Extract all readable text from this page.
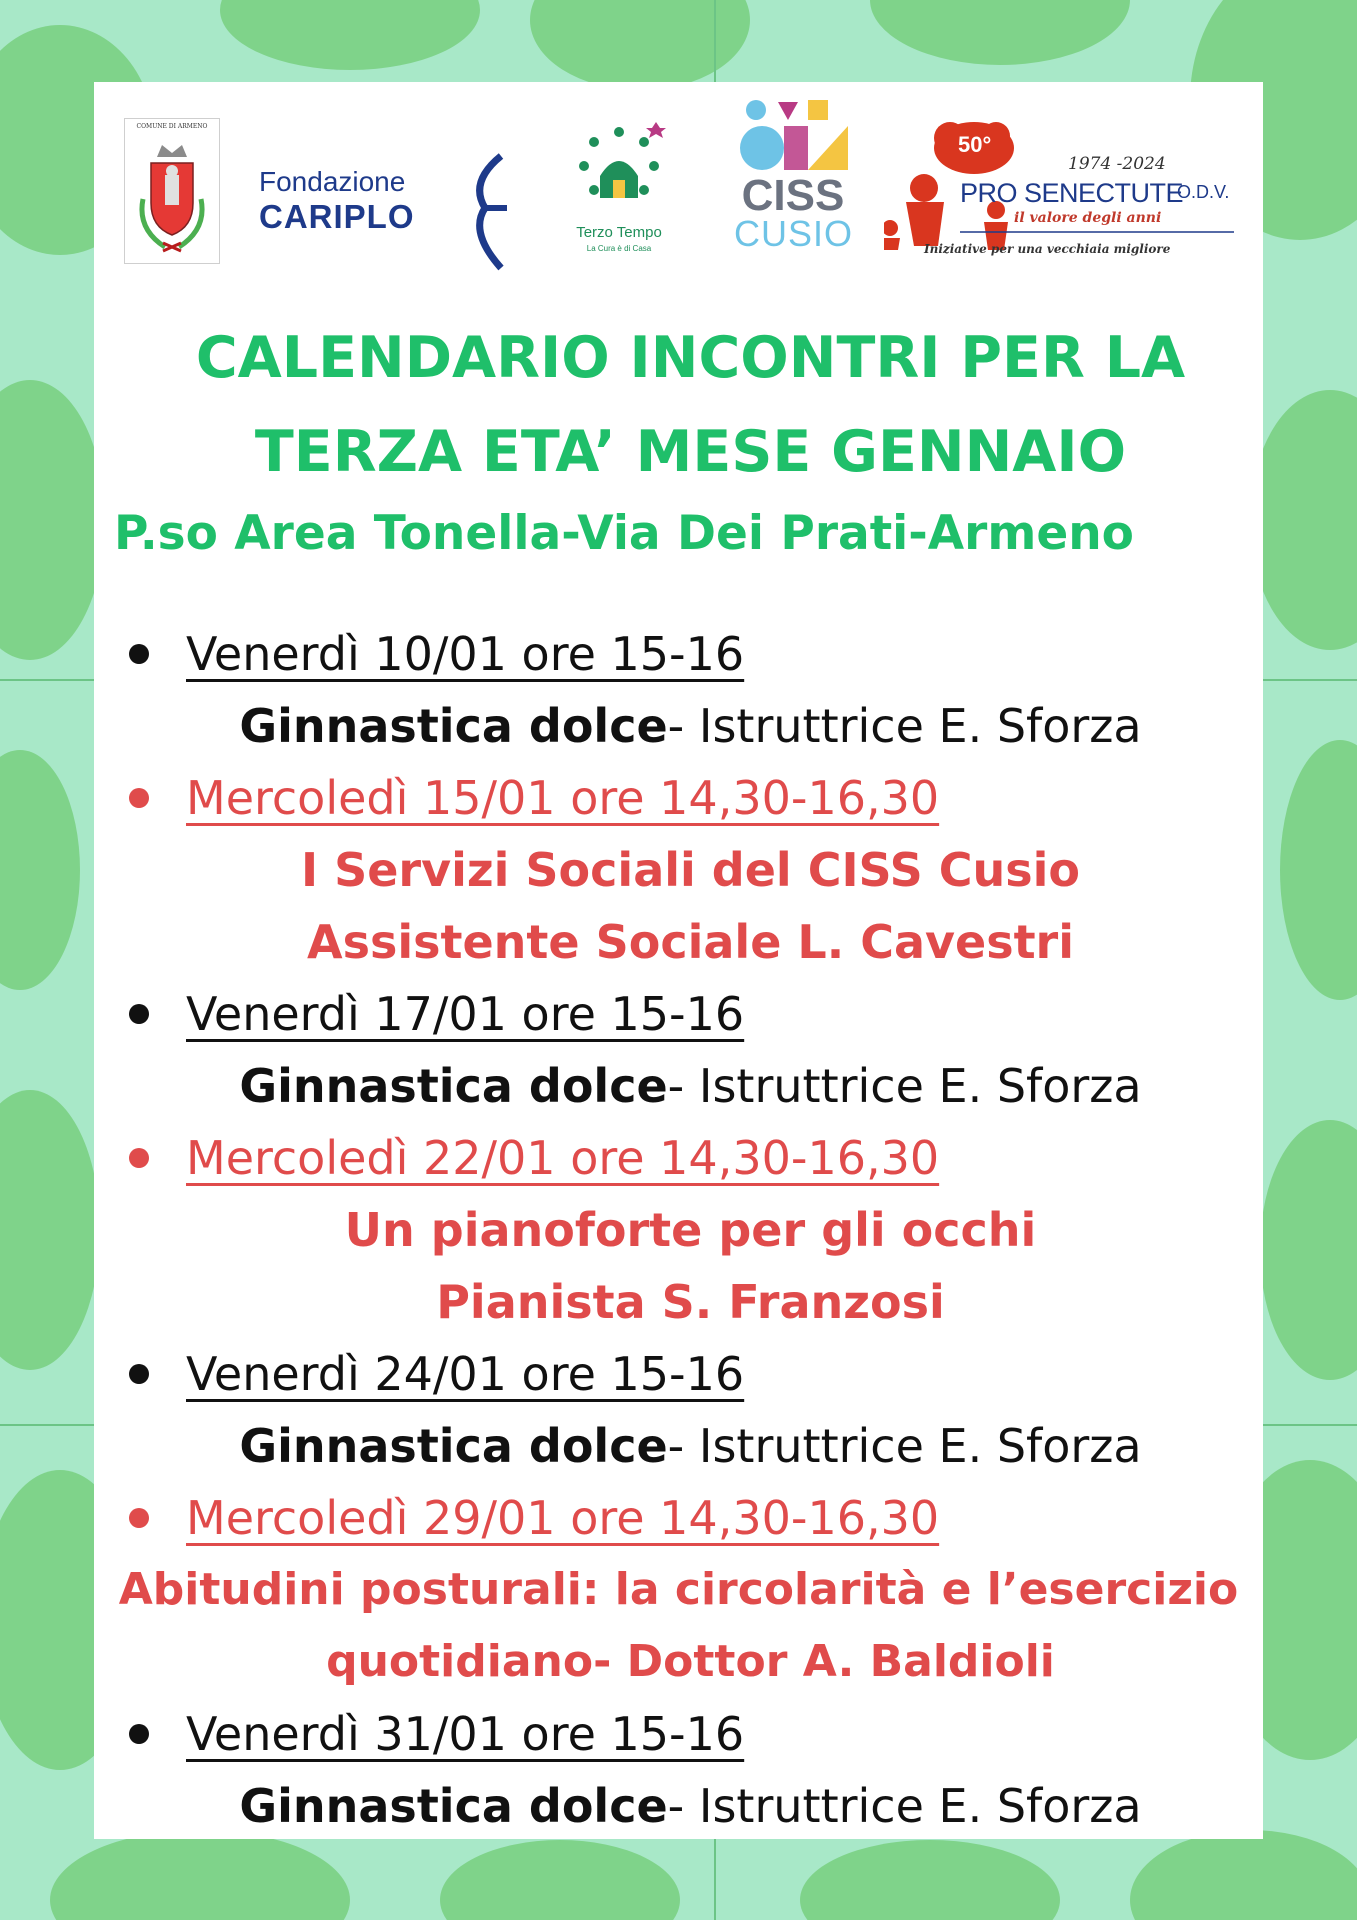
COMUNE DI ARMENO
Fondazione
CARIPLO	Terzo Tempo
La Cura è di Casa
CISS
CUSIO
50°
1974 -2024
PRO SENECTUTE
O.D.V.
il valore degli anni
Iniziative per una vecchiaia migliore
CALENDARIO INCONTRI PER LA
TERZA ETA’ MESE GENNAIO
P.so Area Tonella-Via Dei Prati-Armeno
Venerdì 10/01 ore 15-16
Ginnastica dolce- Istruttrice E. Sforza
Mercoledì 15/01 ore 14,30-16,30
I Servizi Sociali del CISS Cusio
Assistente Sociale L. Cavestri
Venerdì 17/01 ore 15-16
Ginnastica dolce- Istruttrice E. Sforza
Mercoledì 22/01 ore 14,30-16,30
Un pianoforte per gli occhi
Pianista S. Franzosi
Venerdì 24/01 ore 15-16
Ginnastica dolce- Istruttrice E. Sforza
Mercoledì 29/01 ore 14,30-16,30
Abitudini posturali: la circolarità e l’esercizio
quotidiano- Dottor A. Baldioli
Venerdì 31/01 ore 15-16
Ginnastica dolce- Istruttrice E. Sforza
